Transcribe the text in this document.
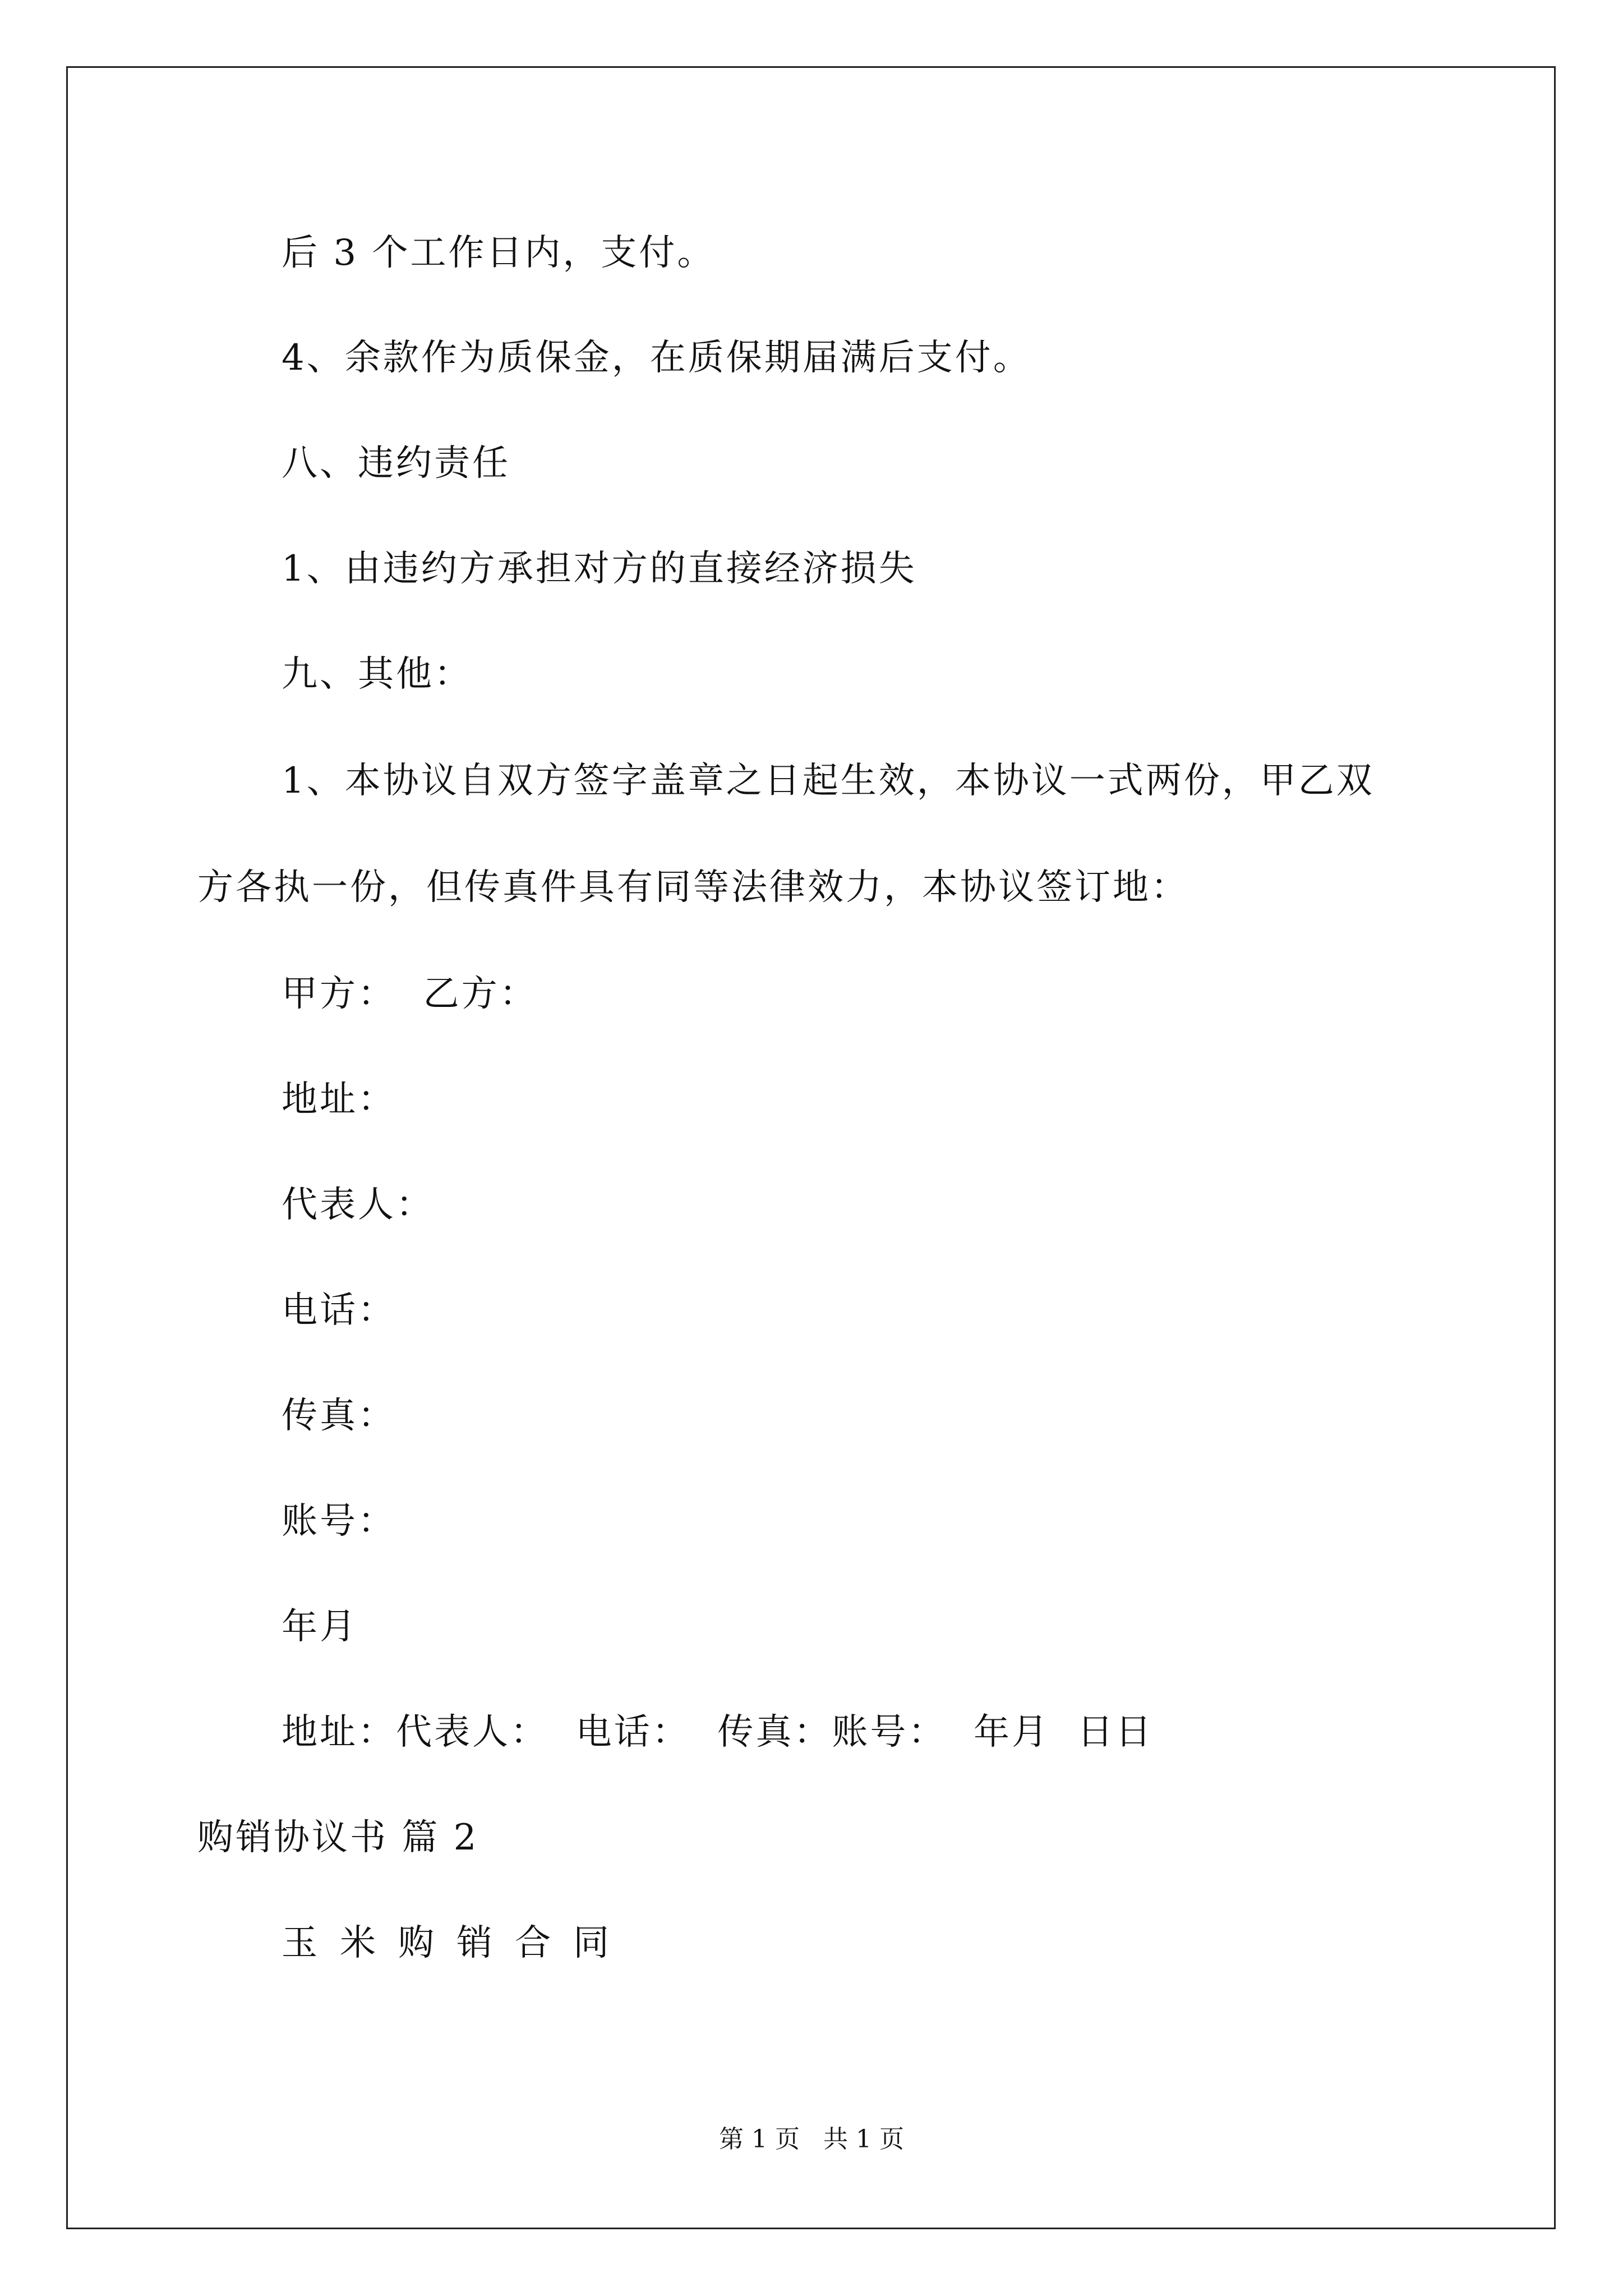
后 3 个工作日内，支付。
4、余款作为质保金，在质保期届满后支付。
八、违约责任
1、由违约方承担对方的直接经济损失
九、其他：
1、本协议自双方签字盖章之日起生效，本协议一式两份，甲乙双
方各执一份，但传真件具有同等法律效力，本协议签订地：
甲方：  乙方：
地址：
代表人：
电话：
传真：
账号：
年月
地址：代表人：  电话：  传真：账号：  年月  日日
购销协议书 篇 2
玉米购销合同
第 1 页   共 1 页
